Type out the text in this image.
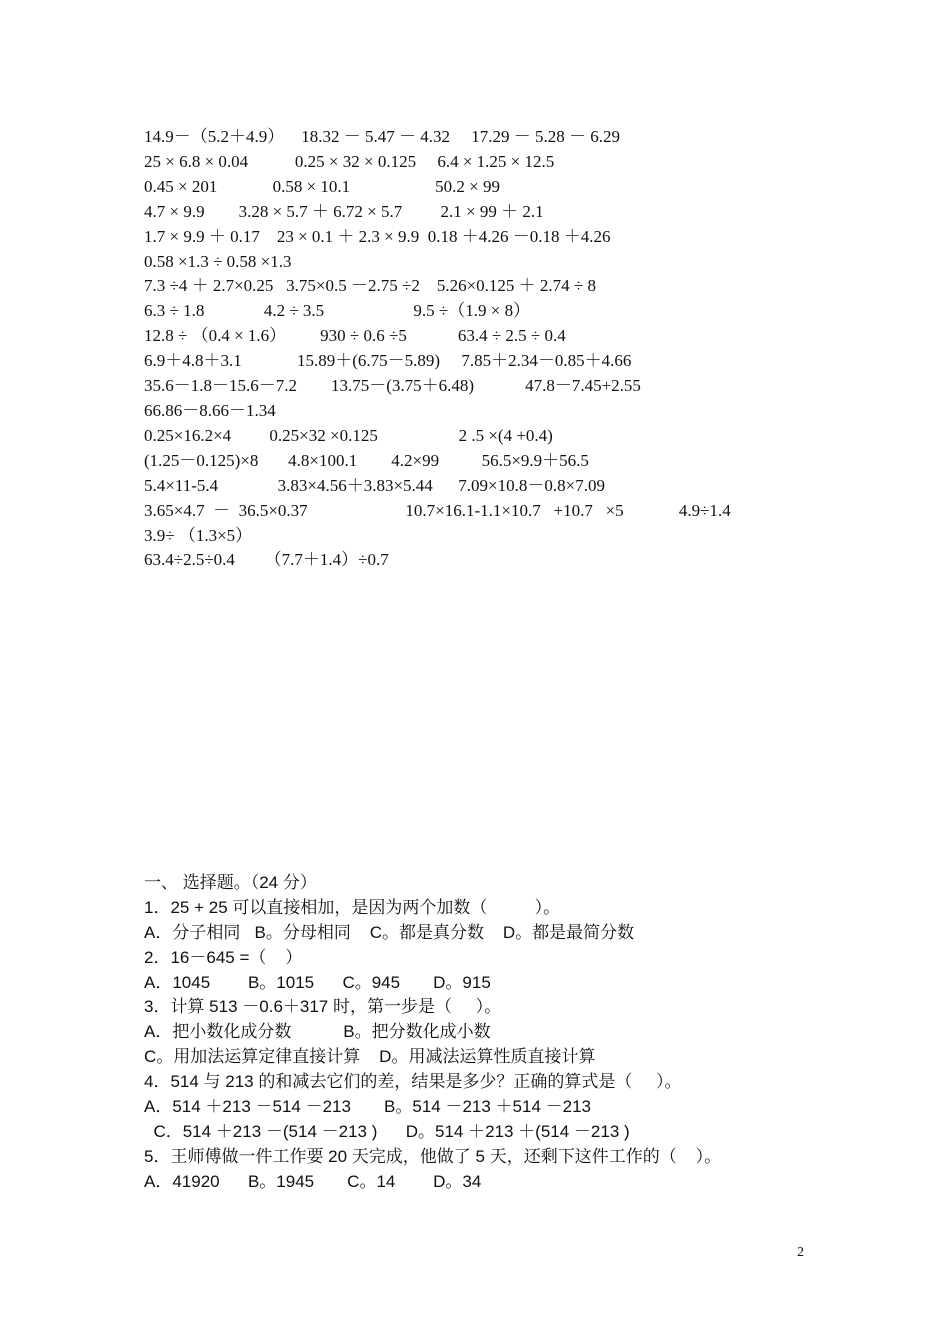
14.9－（5.2＋4.9）    18.32 － 5.47 － 4.32     17.29 － 5.28 － 6.29
25 × 6.8 × 0.04           0.25 × 32 × 0.125     6.4 × 1.25 × 12.5
0.45 × 201             0.58 × 10.1                    50.2 × 99
4.7 × 9.9        3.28 × 5.7 ＋ 6.72 × 5.7         2.1 × 99 ＋ 2.1
1.7 × 9.9 ＋ 0.17    23 × 0.1 ＋ 2.3 × 9.9  0.18 ＋4.26 －0.18 ＋4.26
0.58 ×1.3 ÷ 0.58 ×1.3
7.3 ÷4 ＋ 2.7×0.25   3.75×0.5 －2.75 ÷2    5.26×0.125 ＋ 2.74 ÷ 8
6.3 ÷ 1.8              4.2 ÷ 3.5                     9.5 ÷（1.9 × 8）
12.8 ÷ （0.4 × 1.6）        930 ÷ 0.6 ÷5            63.4 ÷ 2.5 ÷ 0.4
6.9＋4.8＋3.1             15.89＋(6.75－5.89)     7.85＋2.34－0.85＋4.66
35.6－1.8－15.6－7.2        13.75－(3.75＋6.48)            47.8－7.45+2.55
66.86－8.66－1.34
0.25×16.2×4         0.25×32 ×0.125                   2 .5 ×(4 +0.4)
(1.25－0.125)×8       4.8×100.1        4.2×99          56.5×9.9＋56.5
5.4×11-5.4              3.83×4.56＋3.83×5.44      7.09×10.8－0.8×7.09
3.65×4.7  －  36.5×0.37                       10.7×16.1-1.1×10.7   +10.7   ×5             4.9÷1.4
3.9÷ （1.3×5）
63.4÷2.5÷0.4       （7.7＋1.4）÷0.7
一、 选择题。（24 分）
1．25 + 25 可以直接相加，是因为两个加数（          ）。
A．分子相同   B。分母相同    C。都是真分数    D。都是最简分数
2．16－645 =（    ）
A．1045        B。1015      C。945       D。915
3．计算 513 －0.6＋317 时，第一步是（     ）。
A．把小数化成分数           B。把分数化成小数
C。用加法运算定律直接计算    D。用减法运算性质直接计算
4．514 与 213 的和减去它们的差，结果是多少？正确的算式是（     ）。
A．514 ＋213 －514 －213       B。514 －213 ＋514 －213
C．514 ＋213 －(514 －213 )      D。514 ＋213 ＋(514 －213 )
5．王师傅做一件工作要 20 天完成，他做了 5 天，还剩下这件工作的（    ）。
A．41920      B。1945       C。14        D。34
2
